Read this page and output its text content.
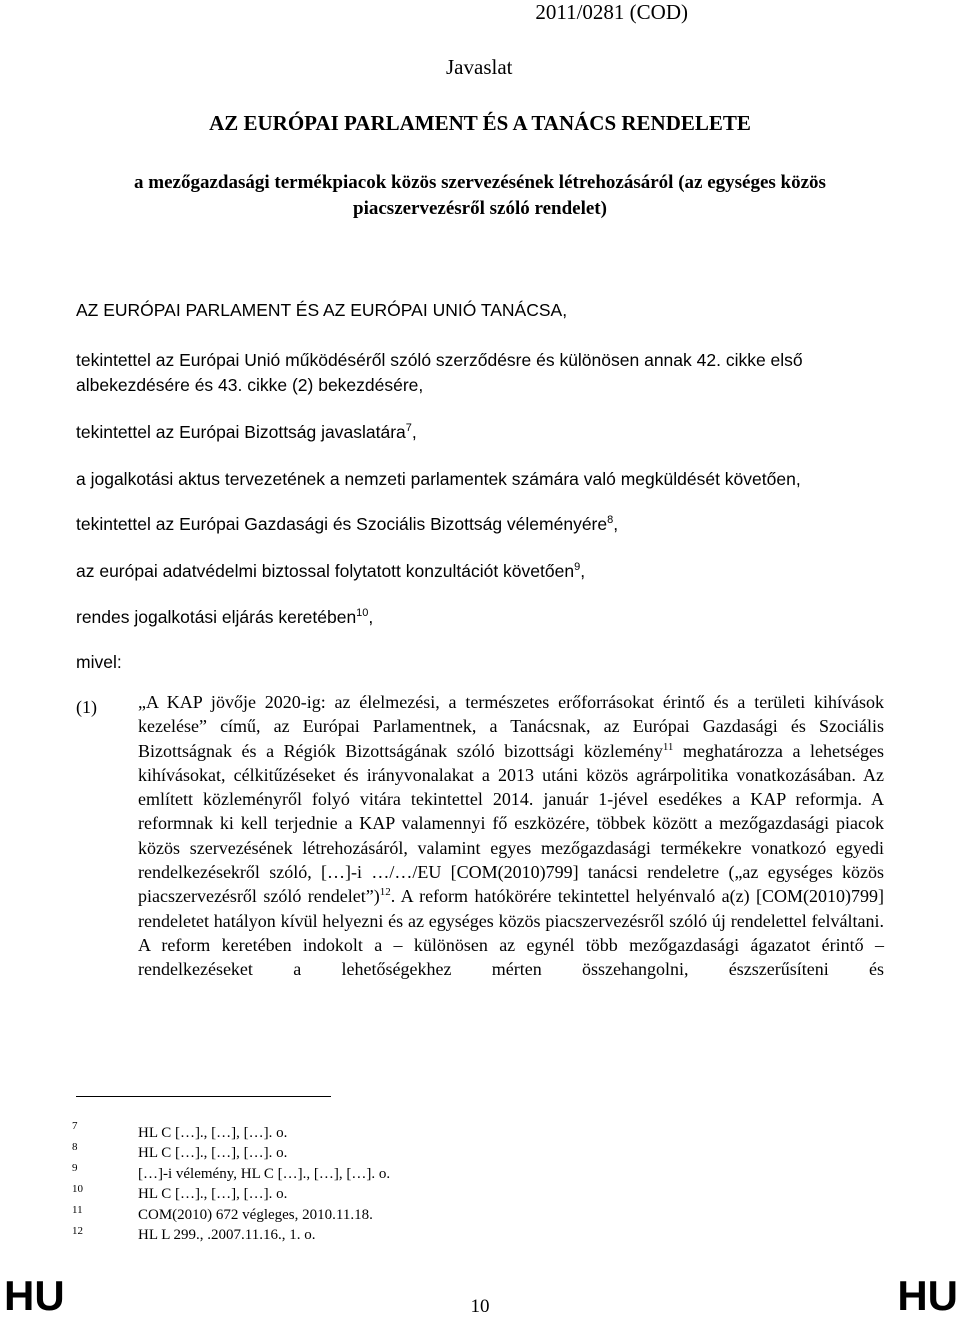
2011/0281 (COD)
Javaslat
AZ EURÓPAI PARLAMENT ÉS A TANÁCS RENDELETE
a mezőgazdasági termékpiacok közös szervezésének létrehozásáról (az egységes közös piacszervezésről szóló rendelet)
AZ EURÓPAI PARLAMENT ÉS AZ EURÓPAI UNIÓ TANÁCSA,
tekintettel az Európai Unió működéséről szóló szerződésre és különösen annak 42. cikke első albekezdésére és 43. cikke (2) bekezdésére,
tekintettel az Európai Bizottság javaslatára$^7$,
a jogalkotási aktus tervezetének a nemzeti parlamentek számára való megküldését követően,
tekintettel az Európai Gazdasági és Szociális Bizottság véleményére$^8$,
az európai adatvédelmi biztossal folytatott konzultációt követően$^9$,
rendes jogalkotási eljárás keretében$^{10}$,
mivel:
(1) „A KAP jövője 2020-ig: az élelmezési, a természetes erőforrásokat érintő és a területi kihívások kezelése” című, az Európai Parlamentnek, a Tanácsnak, az Európai Gazdasági és Szociális Bizottságnak és a Régiók Bizottságának szóló bizottsági közlemény$^{11}$ meghatározza a lehetséges kihívásokat, célkitűzéseket és irányvonalakat a 2013 utáni közös agrárpolitika vonatkozásában. Az említett közleményről folyó vitára tekintettel 2014. január 1-jével esedékes a KAP reformja. A reformnak ki kell terjednie a KAP valamennyi fő eszközére, többek között a mezőgazdasági piacok közös szervezésének létrehozásáról, valamint egyes mezőgazdasági termékekre vonatkozó egyedi rendelkezésekről szóló, […]-i …/…/EU [COM(2010)799] tanácsi rendeletre („az egységes közös piacszervezésről szóló rendelet”)$^{12}$. A reform hatókörére tekintettel helyénvaló a(z) [COM(2010)799] rendeletet hatályon kívül helyezni és az egységes közös piacszervezésről szóló új rendelettel felváltani. A reform keretében indokolt a – különösen az egynél több mezőgazdasági ágazatot érintő – rendelkezéseket a lehetőségekhez mérten összehangolni, észszerűsíteni és
7	HL C […]., […], […]. o.
8	HL C […]., […], […]. o.
9	[…]-i vélemény, HL C […]., […], […]. o.
10	HL C […]., […], […]. o.
11	COM(2010) 672 végleges, 2010.11.18.
12	HL L 299., .2007.11.16., 1. o.
HU	10	HU
